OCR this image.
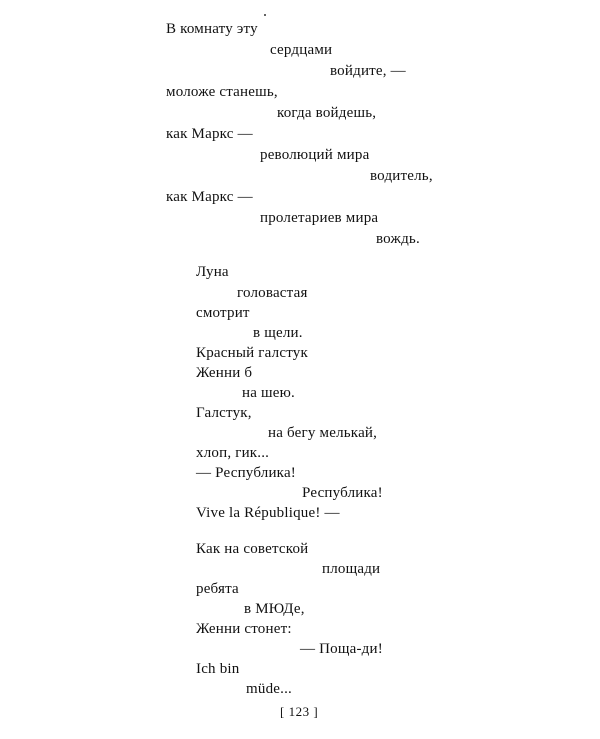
В комнату эту
сердцами
войдите, —
моложе станешь,
когда войдешь,
как Маркс —
революций мира
водитель,
как Маркс —
пролетариев мира
вождь.
Луна
головастая
смотрит
в щели.
Красный галстук
Женни б
на шею.
Галстук,
на бегу мелькай,
хлоп, гик...
— Республика!
Республика!
Vive la République! —
Как на советской
площади
ребята
в МЮДе,
Женни стонет:
— Поща-ди!
Ich bin
müde...
[ 123 ]
